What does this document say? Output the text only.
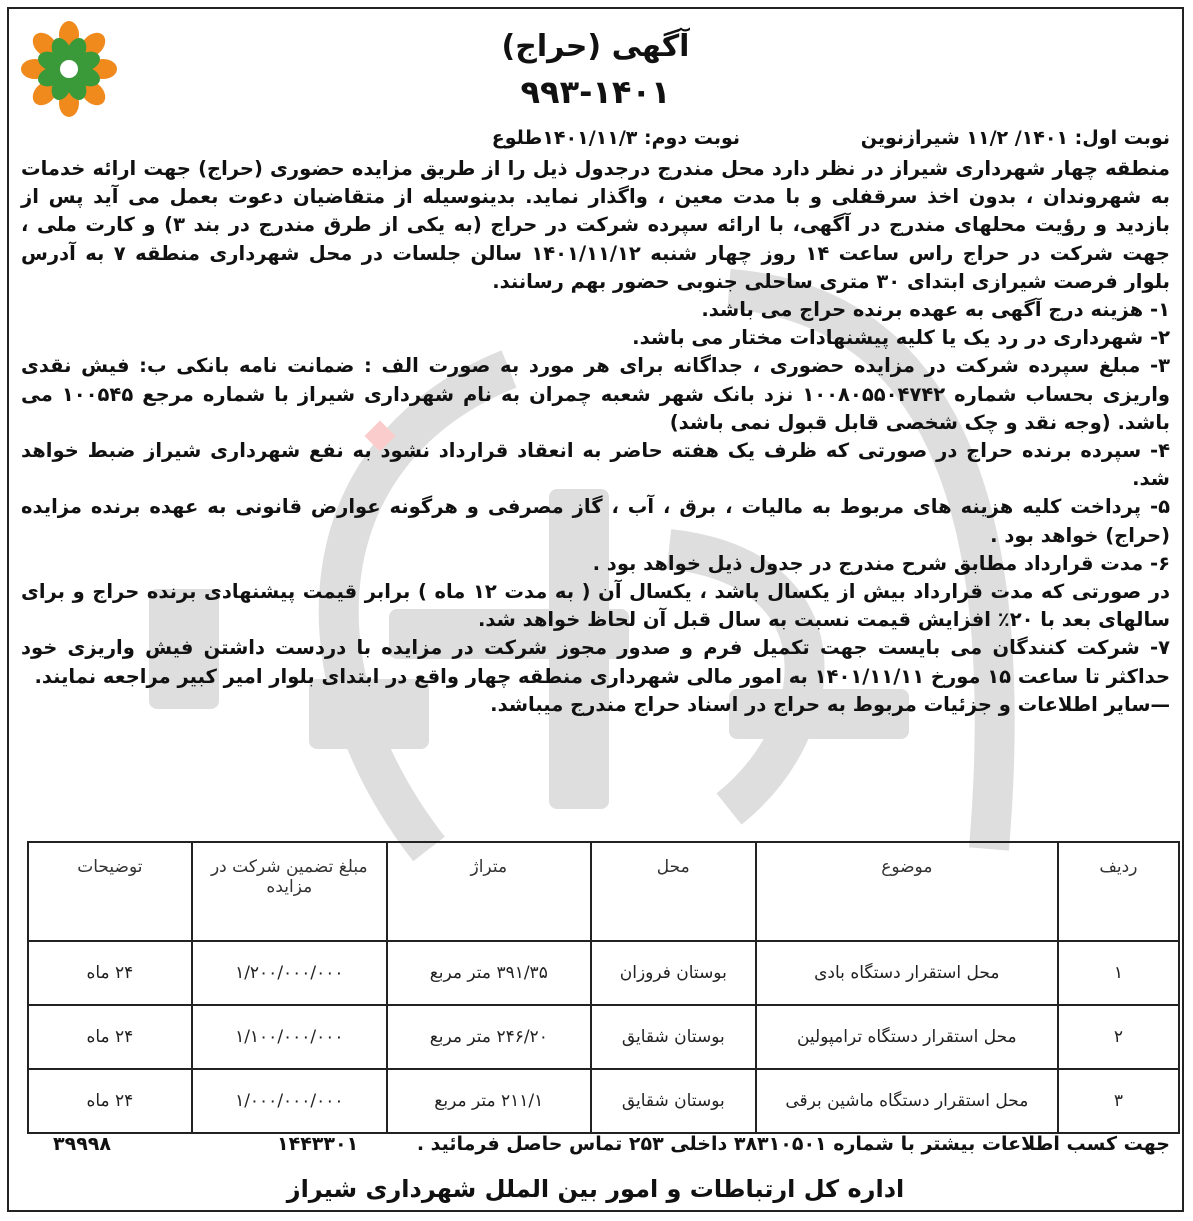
آگهی (حراج)
۹۹۳-۱۴۰۱
نوبت اول: ۱۴۰۱/ ۱۱/۲ شیرازنوین
نوبت دوم: ۱۴۰۱/۱۱/۳طلوع

منطقه چهار شهرداری شیراز در نظر دارد محل مندرج درجدول ذیل را از طریق مزایده حضوری (حراج) جهت ارائه خدمات به شهروندان ، بدون اخذ سرقفلی و با مدت معین ، واگذار نماید. بدینوسیله از متقاضیان دعوت بعمل می آید پس از بازدید و رؤیت محلهای مندرج در آگهی، با ارائه سپرده شرکت در حراج (به یکی از طرق مندرج در بند ۳) و کارت ملی ، جهت شرکت در حراج راس ساعت ۱۴ روز چهار شنبه ۱۴۰۱/۱۱/۱۲ سالن جلسات در محل شهرداری منطقه ۷ به آدرس بلوار فرصت شیرازی ابتدای ۳۰ متری ساحلی جنوبی حضور بهم رسانند.

۱- هزینه درج آگهی به عهده برنده حراج می باشد.

۲- شهرداری در رد یک یا کلیه پیشنهادات مختار می باشد.

۳- مبلغ سپرده شرکت در مزایده حضوری ، جداگانه برای هر مورد به صورت الف : ضمانت نامه بانکی ب: فیش نقدی واریزی بحساب شماره ۱۰۰۸۰۵۵۰۴۷۴۲ نزد بانک شهر شعبه چمران به نام شهرداری شیراز با شماره مرجع ۱۰۰۵۴۵ می باشد. (وجه نقد و چک شخصی قابل قبول نمی باشد)

۴- سپرده برنده حراج در صورتی که ظرف یک هفته حاضر به انعقاد قرارداد نشود به نفع شهرداری شیراز ضبط خواهد شد.

۵- پرداخت کلیه هزینه های مربوط به مالیات ، برق ، آب ، گاز مصرفی و هرگونه عوارض قانونی به عهده برنده مزایده (حراج) خواهد بود .

۶- مدت قرارداد مطابق شرح مندرج در جدول ذیل خواهد بود .

در صورتی که مدت قرارداد بیش از یکسال باشد ، یکسال آن ( به مدت ۱۲ ماه ) برابر قیمت پیشنهادی برنده حراج و برای سالهای بعد با ۲۰٪ افزایش قیمت نسبت به سال قبل آن لحاظ خواهد شد.

۷- شرکت کنندگان می بایست جهت تکمیل فرم و صدور مجوز شرکت در مزایده با دردست داشتن فیش واریزی خود حداکثر تا ساعت ۱۵ مورخ ۱۴۰۱/۱۱/۱۱ به امور مالی شهرداری منطقه چهار واقع در ابتدای بلوار امیر کبیر مراجعه نمایند.

—سایر اطلاعات و جزئیات مربوط به حراج در اسناد حراج مندرج میباشد.

ردیف	موضوع	محل	متراژ	مبلغ تضمین شرکت در مزایده	توضیحات
۱	محل استقرار دستگاه بادی	بوستان فروزان	۳۹۱/۳۵ متر مربع	۱/۲۰۰/۰۰۰/۰۰۰	۲۴ ماه
۲	محل استقرار دستگاه ترامپولین	بوستان شقایق	۲۴۶/۲۰ متر مربع	۱/۱۰۰/۰۰۰/۰۰۰	۲۴ ماه
۳	محل استقرار دستگاه ماشین برقی	بوستان شقایق	۲۱۱/۱ متر مربع	۱/۰۰۰/۰۰۰/۰۰۰	۲۴ ماه
جهت کسب اطلاعات بیشتر با شماره ۳۸۳۱۰۵۰۱ داخلی ۲۵۳ تماس حاصل فرمائید .
۱۴۴۳۳۰۱
۳۹۹۹۸
اداره کل ارتباطات و امور بین الملل شهرداری شیراز
